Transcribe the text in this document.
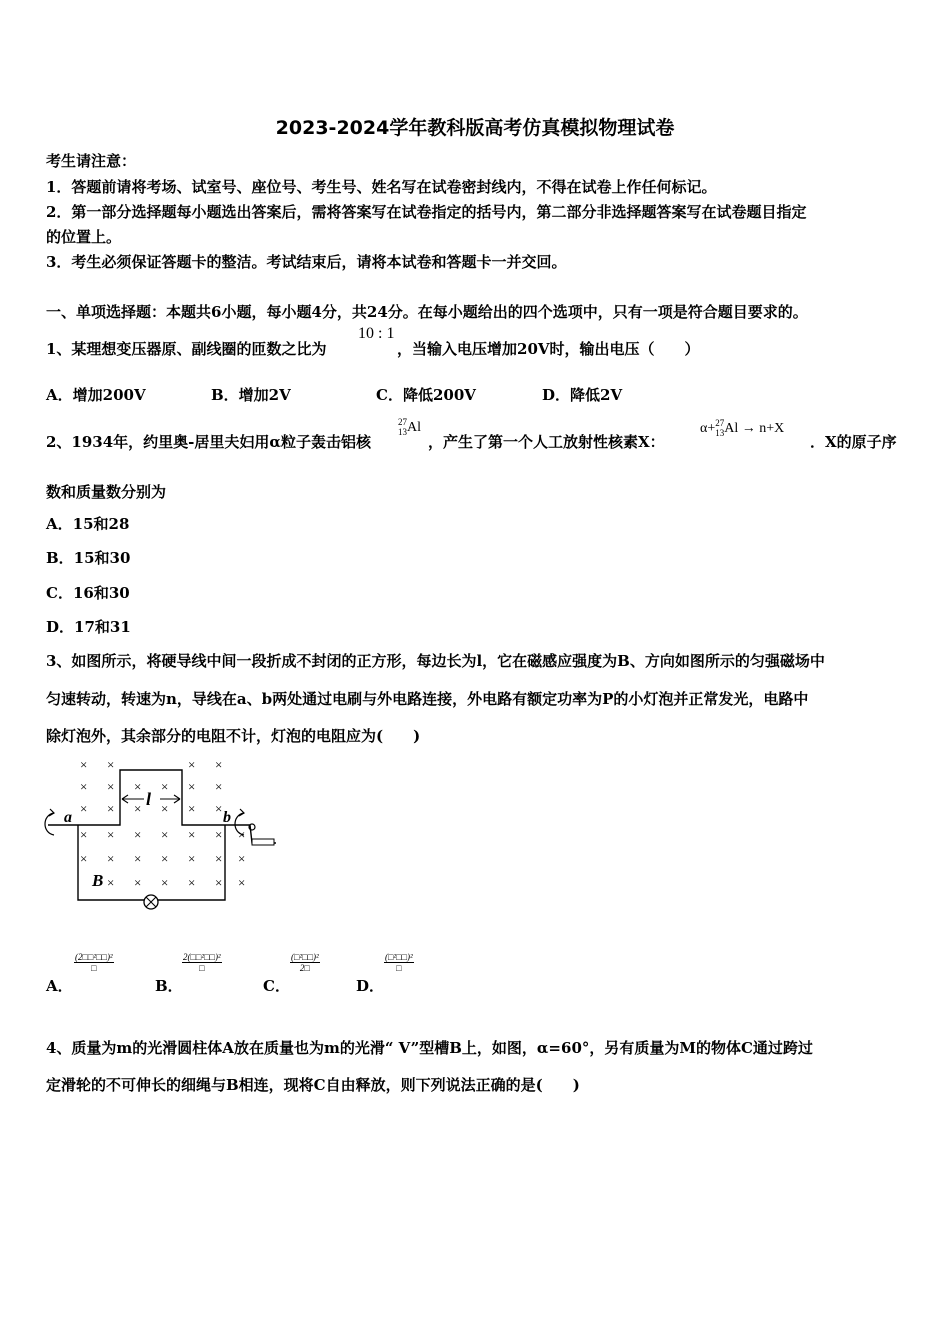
2023-2024学年教科版高考仿真模拟物理试卷
考生请注意：
1．答题前请将考场、试室号、座位号、考生号、姓名写在试卷密封线内，不得在试卷上作任何标记。
2．第一部分选择题每小题选出答案后，需将答案写在试卷指定的括号内，第二部分非选择题答案写在试卷题目指定
的位置上。
3．考生必须保证答题卡的整洁。考试结束后，请将本试卷和答题卡一并交回。
一、单项选择题：本题共6小题，每小题4分，共24分。在每小题给出的四个选项中，只有一项是符合题目要求的。
1、某理想变压器原、副线圈的匝数之比为
10 : 1
，当输入电压增加20V时，输出电压（　　）
A．增加200V	B．增加2V	C．降低200V	D．降低2V
2、1934年，约里奥-居里夫妇用α粒子轰击铝核
$^{27}_{13}$Al
，产生了第一个人工放射性核素X：
α+$^{27}_{13}$Al → n+X
．X的原子序
数和质量数分别为
A．15和28
B．15和30
C．16和30
D．17和31
3、如图所示，将硬导线中间一段折成不封闭的正方形，每边长为l，它在磁感应强度为B、方向如图所示的匀强磁场中
匀速转动，转速为n，导线在a、b两处通过电刷与外电路连接，外电路有额定功率为P的小灯泡并正常发光，电路中
除灯泡外，其余部分的电阻不计，灯泡的电阻应为(　　)
× ×	× ×
× × × × × ×
× × × × × ×
× × × × × × ×
× × × × × × ×
× × × × × ×
l
a	b
B
A．
(2□□²□□)²
□
B．
2(□□²□□)²
□
C．
(□²□□)²
2□
D．
(□²□□)²
□
4、质量为m的光滑圆柱体A放在质量也为m的光滑“ V”型槽B上，如图，α=60°，另有质量为M的物体C通过跨过
定滑轮的不可伸长的细绳与B相连，现将C自由释放，则下列说法正确的是(　　)
